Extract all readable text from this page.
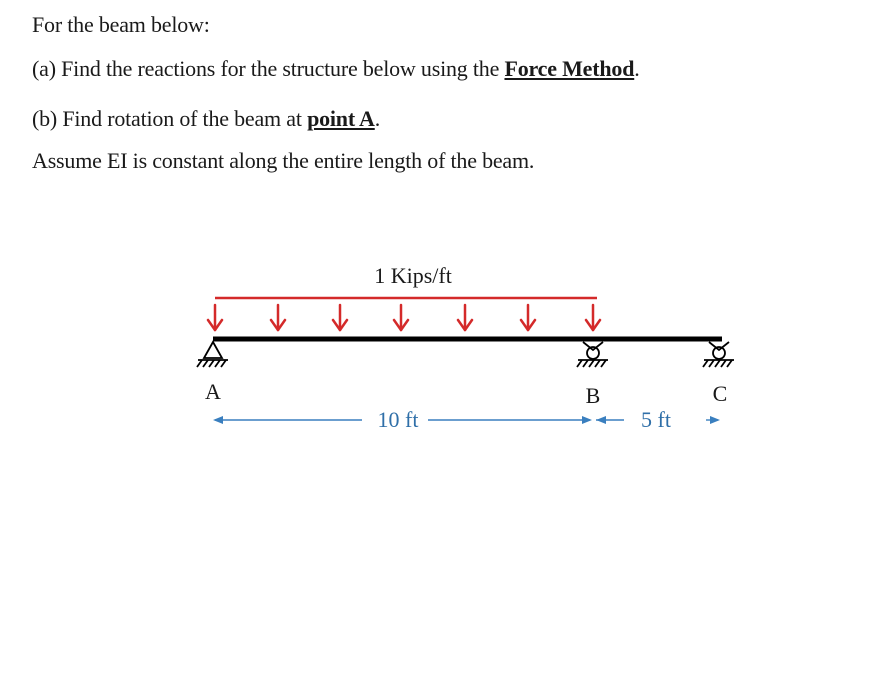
For the beam below:
(a) Find the reactions for the structure below using the Force Method.
(b) Find rotation of the beam at point A.
Assume EI is constant along the entire length of the beam.
1 Kips/ft
A	B	C
10 ft	5 ft
